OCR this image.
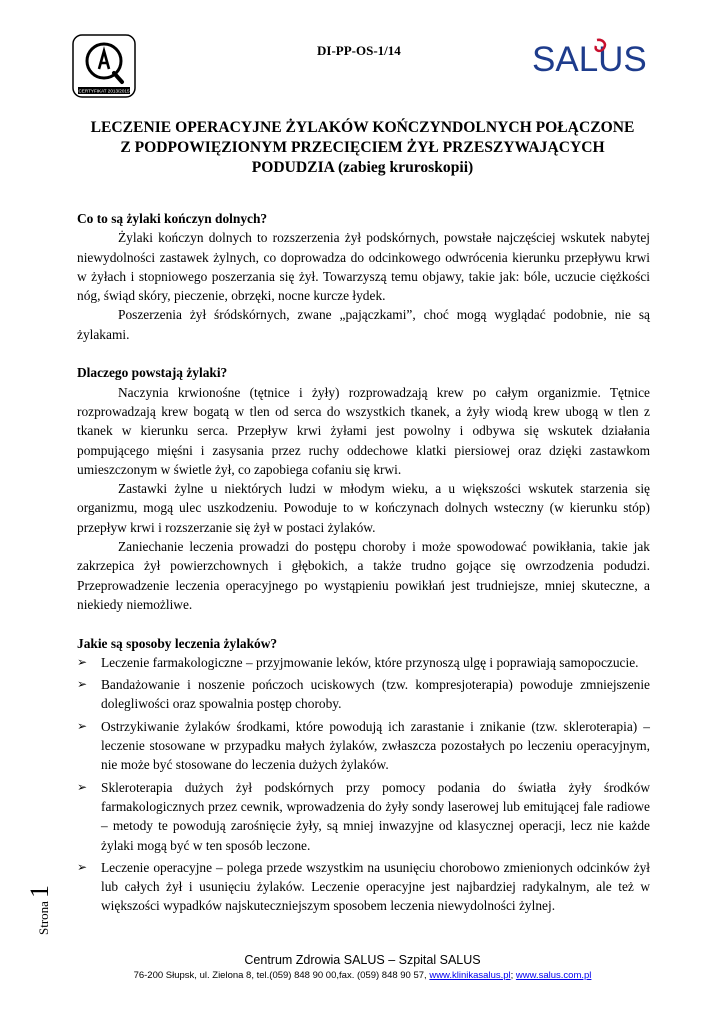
CERTYFIKAT 2013/2015
DI-PP-OS-1/14	SALUS
LECZENIE OPERACYJNE ŻYLAKÓW KOŃCZYNDOLNYCH POŁĄCZONE Z PODPOWIĘZIONYM PRZECIĘCIEM ŻYŁ PRZESZYWAJĄCYCH PODUDZIA (zabieg kruroskopii)

Co to są żylaki kończyn dolnych?

Żylaki kończyn dolnych to rozszerzenia żył podskórnych, powstałe najczęściej wskutek nabytej niewydolności zastawek żylnych, co doprowadza do odcinkowego odwrócenia kierunku przepływu krwi w żyłach i stopniowego poszerzania się żył. Towarzyszą temu objawy, takie jak: bóle, uczucie ciężkości nóg, świąd skóry, pieczenie, obrzęki, nocne kurcze łydek.

Poszerzenia żył śródskórnych, zwane „pajączkami”, choć mogą wyglądać podobnie, nie są żylakami.

Dlaczego powstają żylaki?

Naczynia krwionośne (tętnice i żyły) rozprowadzają krew po całym organizmie. Tętnice rozprowadzają krew bogatą w tlen od serca do wszystkich tkanek, a żyły wiodą krew ubogą w tlen z tkanek w kierunku serca. Przepływ krwi żyłami jest powolny i odbywa się wskutek działania pompującego mięśni i zasysania przez ruchy oddechowe klatki piersiowej oraz dzięki zastawkom umieszczonym w świetle żył, co zapobiega cofaniu się krwi.

Zastawki żylne u niektórych ludzi w młodym wieku, a u większości wskutek starzenia się organizmu, mogą ulec uszkodzeniu. Powoduje to w kończynach dolnych wsteczny (w kierunku stóp) przepływ krwi i rozszerzanie się żył w postaci żylaków.

Zaniechanie leczenia prowadzi do postępu choroby i może spowodować powikłania, takie jak zakrzepica żył powierzchownych i głębokich, a także trudno gojące się owrzodzenia podudzi. Przeprowadzenie leczenia operacyjnego po wystąpieniu powikłań jest trudniejsze, mniej skuteczne, a niekiedy niemożliwe.

Jakie są sposoby leczenia żylaków?

➢ Leczenie farmakologiczne – przyjmowanie leków, które przynoszą ulgę i poprawiają samopoczucie.
➢ Bandażowanie i noszenie pończoch uciskowych (tzw. kompresjoterapia) powoduje zmniejszenie dolegliwości oraz spowalnia postęp choroby.
➢ Ostrzykiwanie żylaków środkami, które powodują ich zarastanie i znikanie (tzw. skleroterapia) – leczenie stosowane w przypadku małych żylaków, zwłaszcza pozostałych po leczeniu operacyjnym, nie może być stosowane do leczenia dużych żylaków.
➢ Skleroterapia dużych żył podskórnych przy pomocy podania do światła żyły środków farmakologicznych przez cewnik, wprowadzenia do żyły sondy laserowej lub emitującej fale radiowe – metody te powodują zarośnięcie żyły, są mniej inwazyjne od klasycznej operacji, lecz nie każde żylaki mogą być w ten sposób leczone.
➢ Leczenie operacyjne – polega przede wszystkim na usunięciu chorobowo zmienionych odcinków żył lub całych żył i usunięciu żylaków. Leczenie operacyjne jest najbardziej radykalnym, ale też w większości wypadków najskuteczniejszym sposobem leczenia niewydolności żylnej.
Strona1
Centrum Zdrowia SALUS – Szpital SALUS
76-200 Słupsk, ul. Zielona 8, tel.(059) 848 90 00,fax. (059) 848 90 57, www.klinikasalus.pl; www.salus.com.pl
